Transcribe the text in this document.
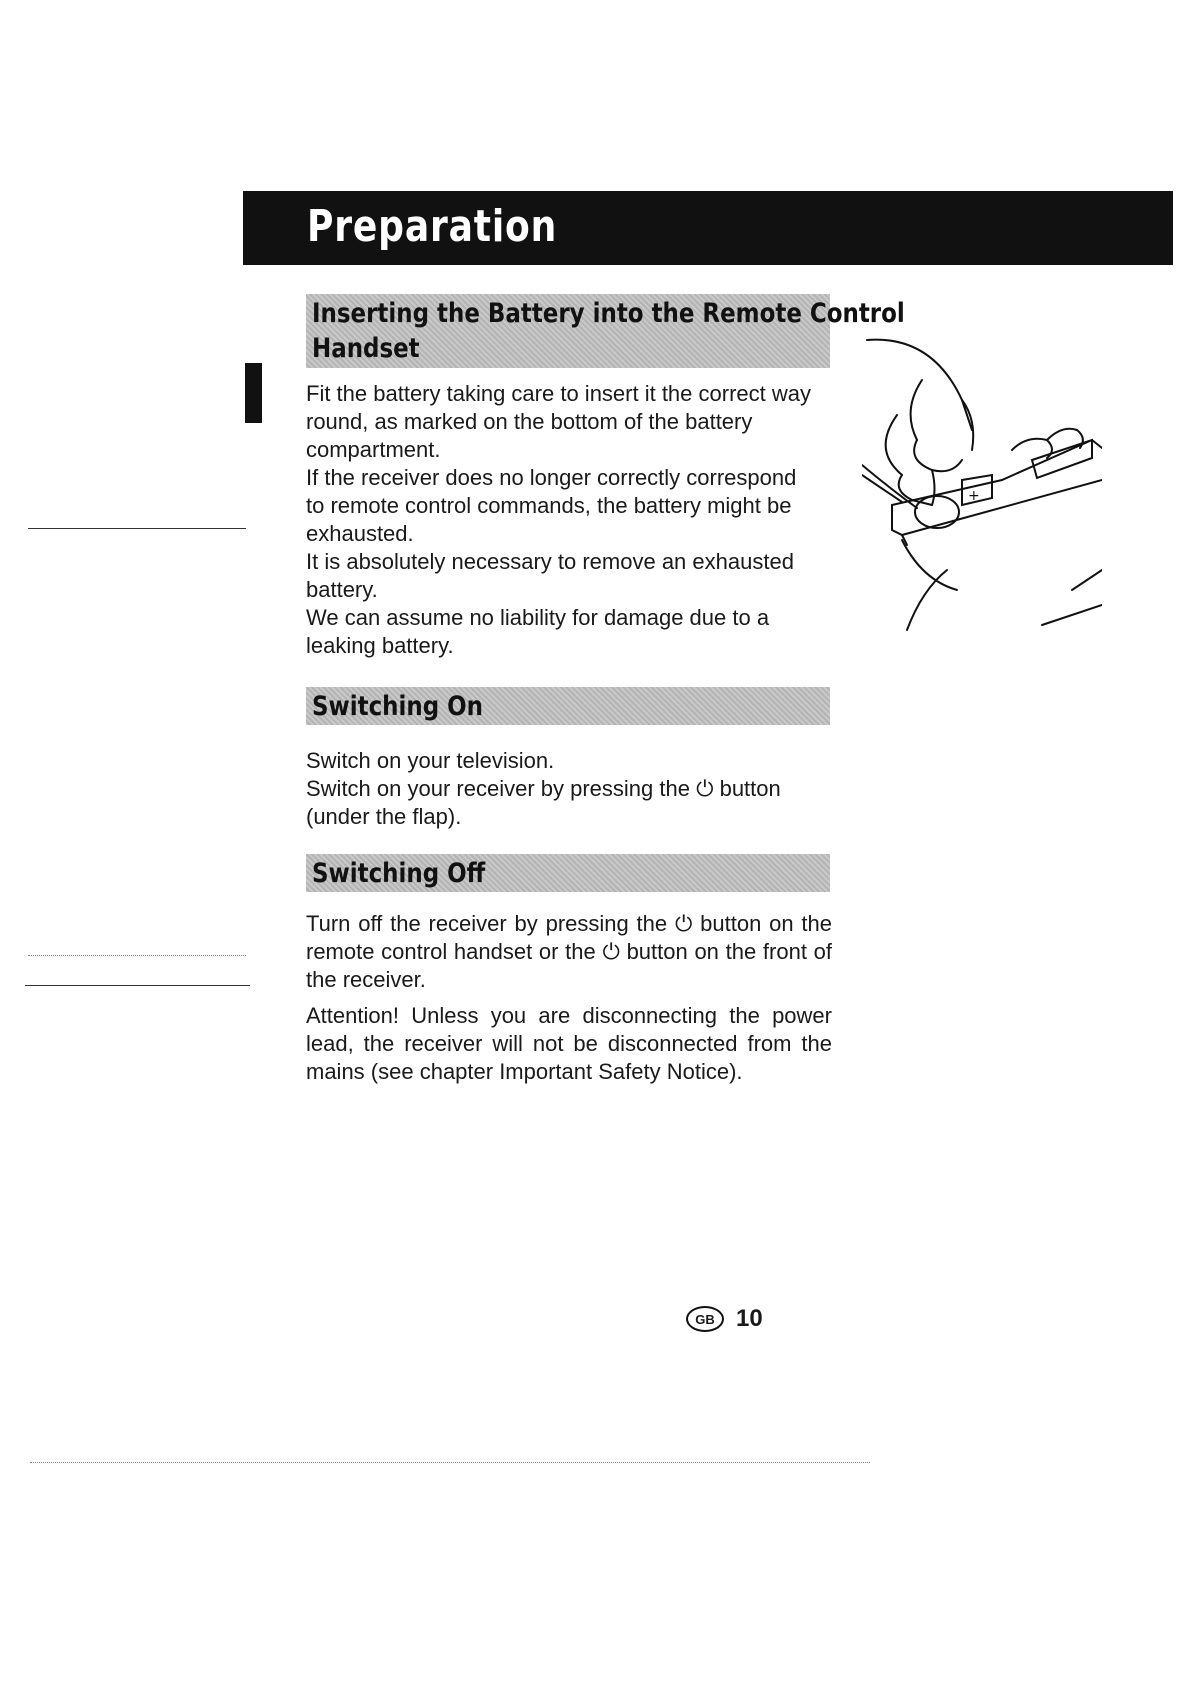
Preparation
Inserting the Battery into the Remote Control
Handset

Fit the battery taking care to insert it the correct way round, as marked on the bottom of the battery compartment.

If the receiver does no longer correctly correspond to remote control commands, the battery might be exhausted.

It is absolutely necessary to remove an exhausted battery.

We can assume no liability for damage due to a leaking battery.

+
Switching On

Switch on your television.

Switch on your receiver by pressing the ⏻ button (under the flap).

Switching Off

Turn off the receiver by pressing the ⏻ button on the remote control handset or the ⏻ button on the front of the receiver.

Attention! Unless you are disconnecting the power lead, the receiver will not be disconnected from the mains (see chapter Important Safety Notice).

GB 10
